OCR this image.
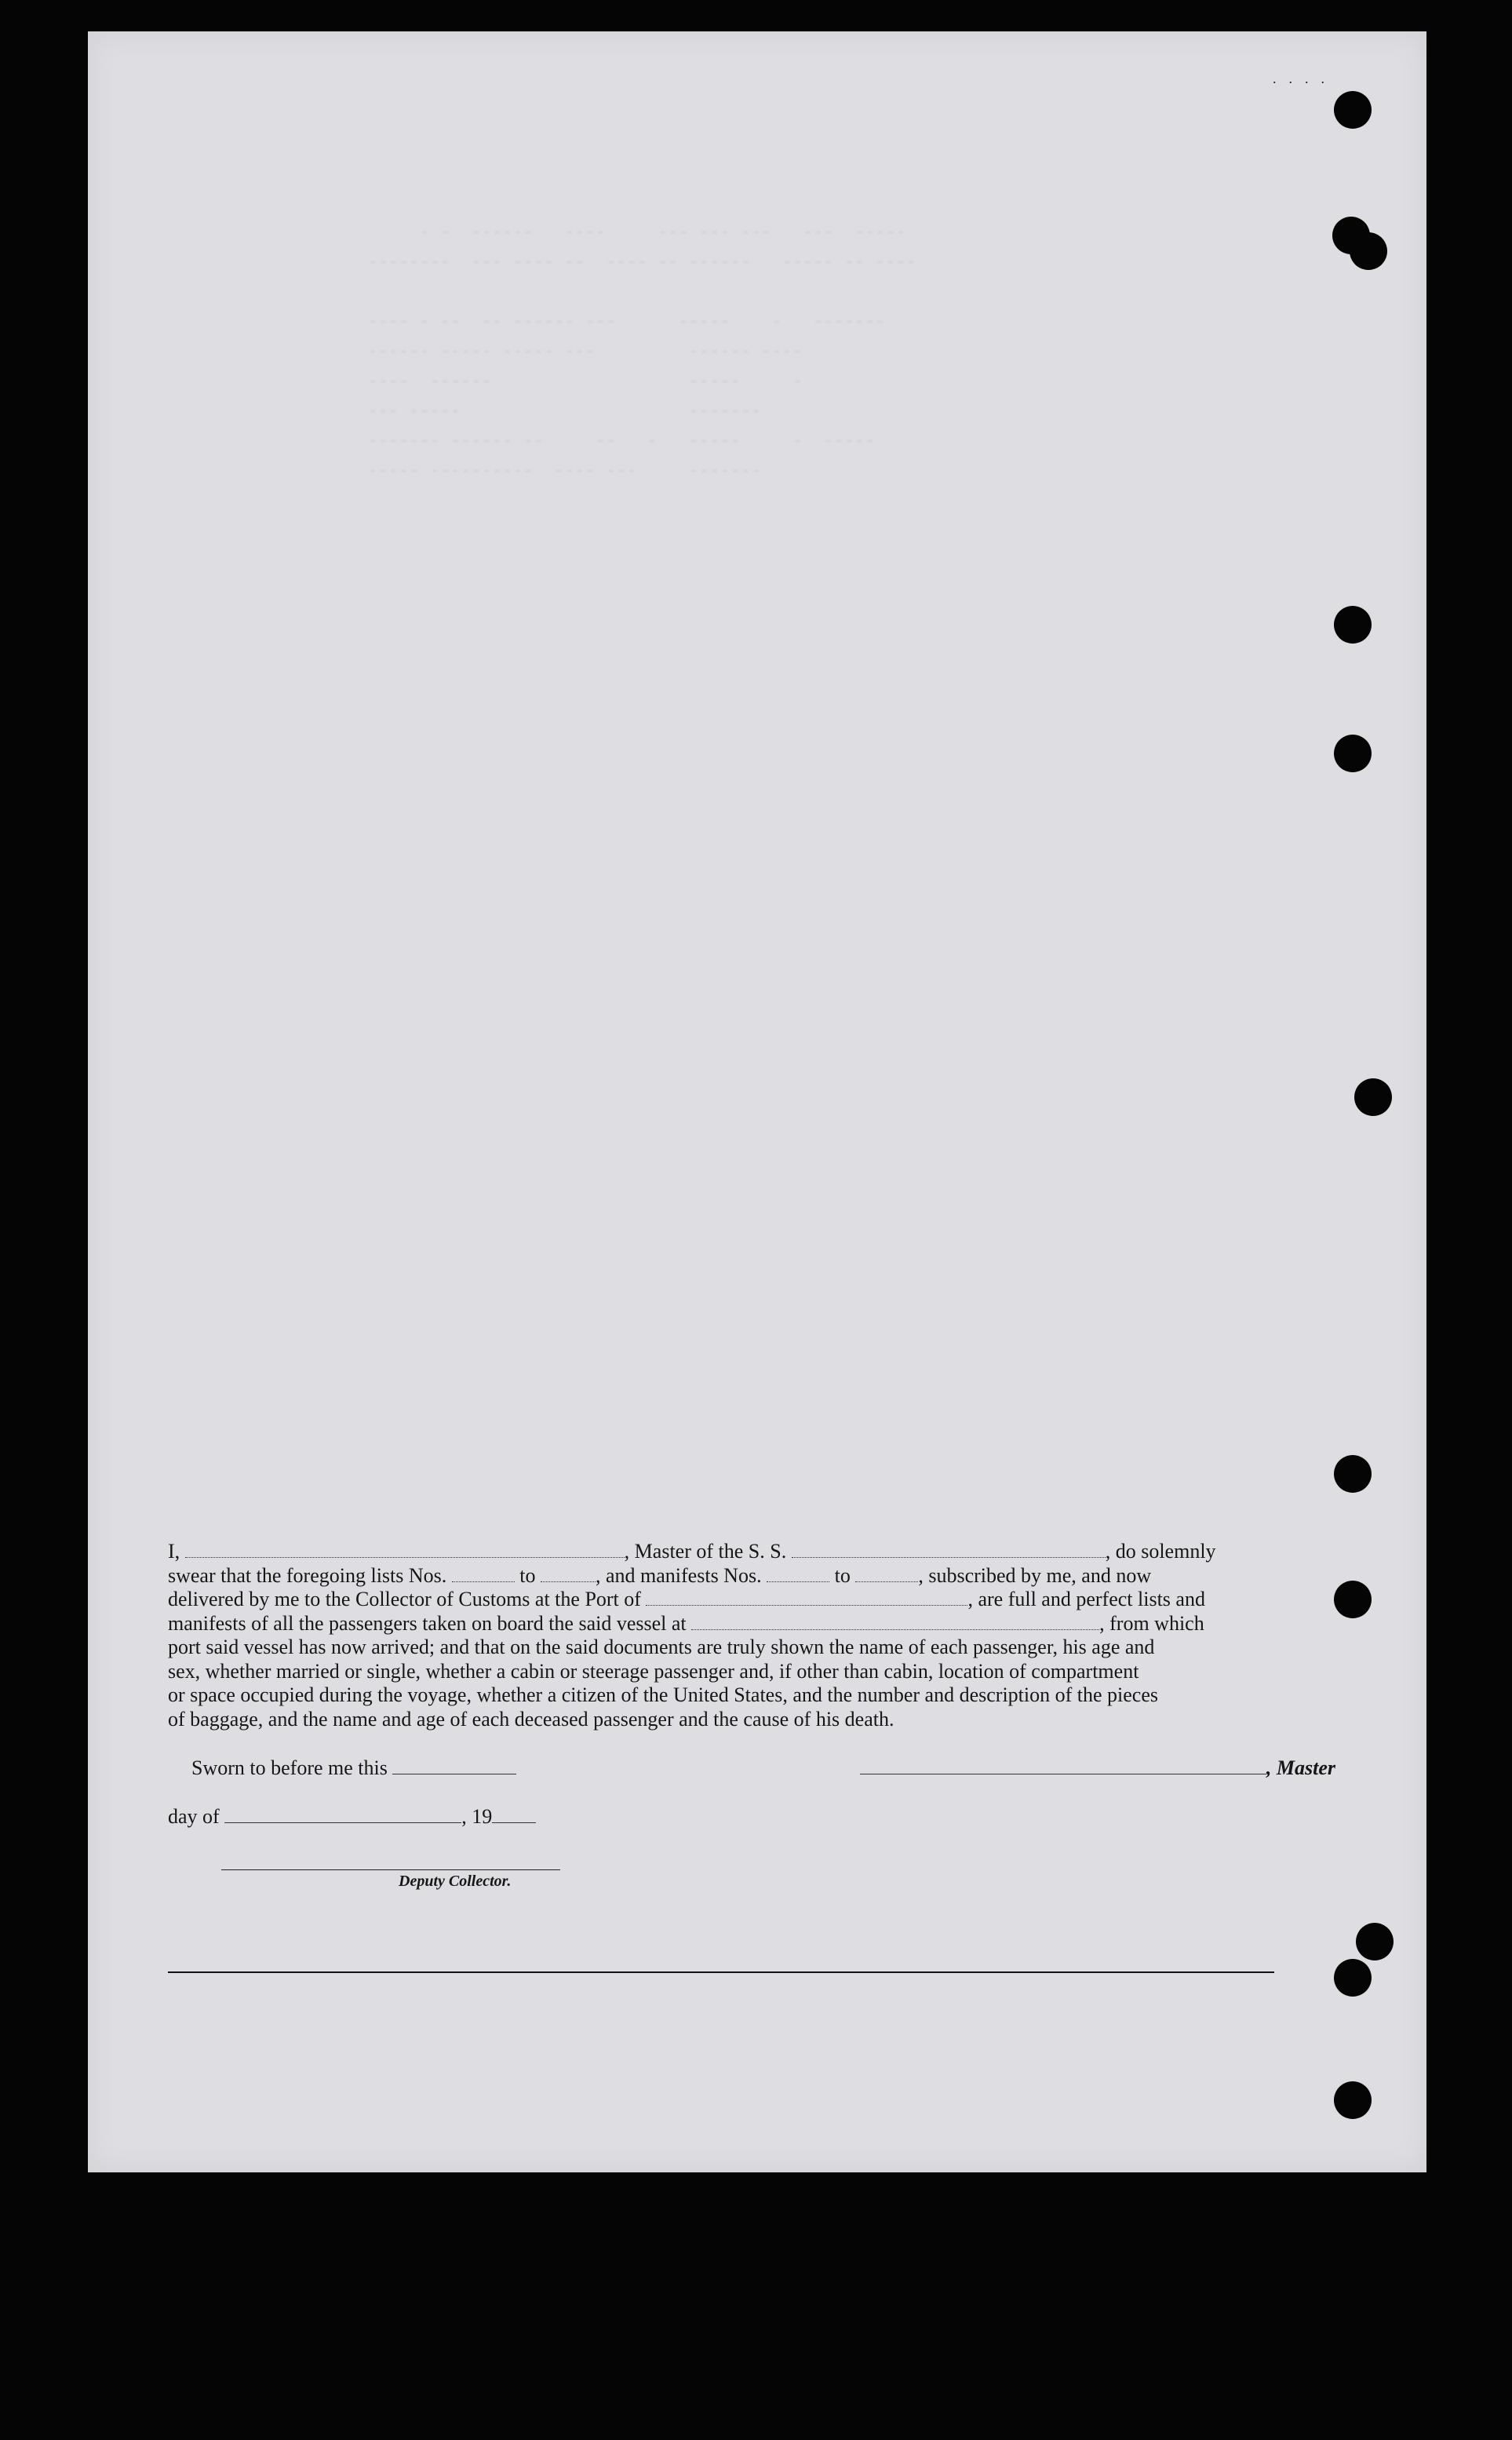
- -  ------   ----     --- --- ---   ---  -----
--------  --- ---- --  ---- -- ------   ----- -- ----

---- - --  -- ------ ---      -----    -   -------
------ ----- ----- ---         ------ ----
----  ------                   -----     -
--- -----                      -------
------- ------ --     --   -   -----     -  -----
----- ----------  ---- ---     -------

....
I,	, Master of the S. S.	, do solemnly
swear that the foregoing lists Nos.	to	, and manifests Nos.	to	, subscribed by me, and now
delivered by me to the Collector of Customs at the Port of	, are full and perfect lists and
manifests of all the passengers taken on board the said vessel at	, from which
port said vessel has now arrived; and that on the said documents are truly shown the name of each passenger, his age and
sex, whether married or single, whether a cabin or steerage passenger and, if other than cabin, location of compartment
or space occupied during the voyage, whether a citizen of the United States, and the number and description of the pieces
of baggage, and the name and age of each deceased passenger and the cause of his death.
Sworn to before me this	, Master
day of	, 19
Deputy Collector.
